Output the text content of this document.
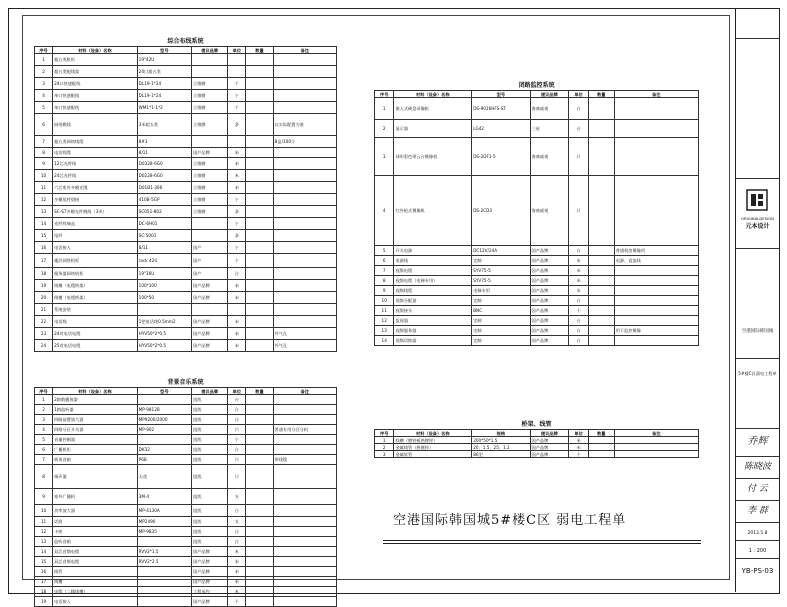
综合布线系统
序号	材料（设备）名称	型号	提议品牌	单位	数量	备注
1	超五类机柜	19"42U				
2	超五类配线架	24口超五类				
3	24口快速配线	DL19-1*24	立维腾	个		
4	单口快速配线	DL19-1*24	立维腾	个		
5	单口快速配线	WM1*1-1*2	立维腾	个		
6	网络跳线	3米超五类	立维腾	条		以实际配置为准
7	超五类网络线缆	8#3				B盒/100个
8	电话线缆	8/11	国产品牌	米		
9	12芯光纤线	D0328-6G0	立维腾	米		
10	24芯光纤线	D0228-6G0	立维腾	米		
11	六芯室外多模光缆	D01B1-306	立维腾	米		
12	多模尾纤熔接	410B-5GP	立维腾	个		
13	SC-ST多模光纤跳线（3米）	SC051-802	立维腾	条		
14	光纤终端盒	DC-6H01		个		
15	尾纤	SC-5001		条		
16	电话接入	8/11	国产	个		
17	楼层网络机柜	rack 42U	国产	个		
18	服务器网络机柜	19"36U	国产	台		
19	线槽（电缆桥架）	100*100	国产品牌	米		
20	线槽（电缆桥架）	100*50	国产品牌	米		
21	系统安装					
22	电话线	1把电话线0.5mm2	国产品牌	米		
23	24对电话电缆	HYV50*2*0.5	国产品牌	米		外气孔
24	25对电话电缆	HYV50*2*0.5	国产品牌	米		外气孔
背景音乐系统
序号	材料（设备）名称	型号	提议品牌	单位	数量	备注
1	2路数播放器		纽凯	台		
2	1路监听器	MP-9812B	纽凯	台		
3	四路前置放大器	MP9200/2000	纽凯	台		
4	四路分区开关器	MP-902	纽凯	只		普通专用分区分机
5	音量控制器		纽凯	个		
6	广播机柜	DK32	纽凯	台		
7	吸顶音箱	P6B	纽凯	只		带线缆
8	扬声器	天花	纽凯	只		
9	室外广播机	3M-4	纽凯	支		
10	功率放大器	MP-4130A	纽凯	台		
11	话筒	MP2490	纽凯	支		
12	卡座	MP-9835	纽凯	台		
13	监听音箱		纽凯	台		
14	双芯音频电缆	RVV2*1.5	国产品牌	米		
15	双芯音频电缆	RVV2*2.5	国产品牌	米		
16	线管		国产品牌	米		
17	线槽		国产品牌	米		
18	电缆（二楼线槽）		工程承包	米		
19	电话接入		国产品牌	个		
闭路监控系统
序号	材料（设备）名称	型号	提议品牌	单位	数量	备注
1	嵌入式硬盘录像机	DS-9016HFS-ST	海康威视	台		
2	显示器	LG42	三星	台		
3	球形彩色带云台摄像机	DS-2DF1-5	海康威视	只		
4	红外枪式摄像机	DS-2CD3	海康威视	只		
5	开关电源	DC12V/24A	国产品牌	台		普通机房摄像用
6	电源线	定制	国产品牌	米		电源、直流线
7	视频电缆	SYV75-5	国产品牌	米		
8	视频电缆（电梯专用）	SYV75-5	国产品牌	米		
9	视频线缆	电梯专用	国产品牌	米		
10	视频分配器	定制	国产品牌	台		
11	视频接头	BNC	国产品牌	个		
12	监视器	定制	国产品牌	台		
13	视频服务器	定制	国产品牌	台		用于监控摄像
14	视频切换器	定制	国产品牌	台		
桥架、线管
序号	材料（设备）名称	规格	提议品牌	单位	数量	备注
1	线槽（镀锌板热镀锌）	200*50*1.5	国产品牌	米		
2	金属线管（热镀锌）	20、1.5、25、1.2	国产品牌	米		
3	金属软管	86型	国产品牌	个		
空港国际韩国城5#楼C区 弱电工程单
ORIGINALDESIGN
元本设计
空港国际韩国城
5#楼C区弱电工程单
乔辉
陈晓波
付 云
李 群
2013.5.8
1 : 200
YB-PS-03
